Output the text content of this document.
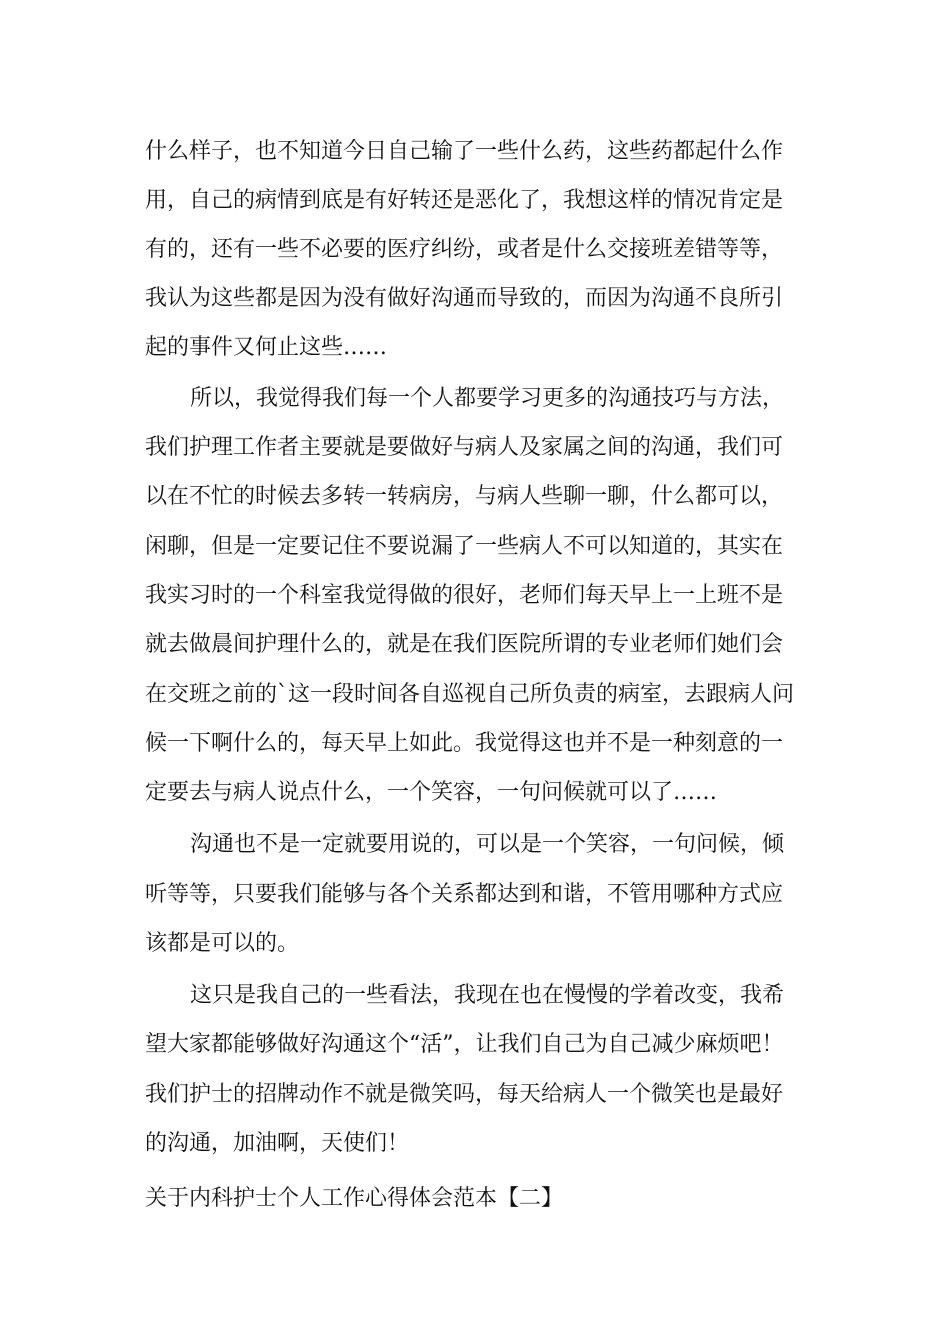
什么样子，也不知道今日自己输了一些什么药，这些药都起什么作
用，自己的病情到底是有好转还是恶化了，我想这样的情况肯定是
有的，还有一些不必要的医疗纠纷，或者是什么交接班差错等等，
我认为这些都是因为没有做好沟通而导致的，而因为沟通不良所引
起的事件又何止这些……
所以，我觉得我们每一个人都要学习更多的沟通技巧与方法，
我们护理工作者主要就是要做好与病人及家属之间的沟通，我们可
以在不忙的时候去多转一转病房，与病人些聊一聊，什么都可以，
闲聊，但是一定要记住不要说漏了一些病人不可以知道的，其实在
我实习时的一个科室我觉得做的很好，老师们每天早上一上班不是
就去做晨间护理什么的，就是在我们医院所谓的专业老师们她们会
在交班之前的`这一段时间各自巡视自己所负责的病室，去跟病人问
候一下啊什么的，每天早上如此。我觉得这也并不是一种刻意的一
定要去与病人说点什么，一个笑容，一句问候就可以了……
沟通也不是一定就要用说的，可以是一个笑容，一句问候，倾
听等等，只要我们能够与各个关系都达到和谐，不管用哪种方式应
该都是可以的。
这只是我自己的一些看法，我现在也在慢慢的学着改变，我希
望大家都能够做好沟通这个“活”，让我们自己为自己减少麻烦吧！
我们护士的招牌动作不就是微笑吗，每天给病人一个微笑也是最好
的沟通，加油啊，天使们！
关于内科护士个人工作心得体会范本【二】
